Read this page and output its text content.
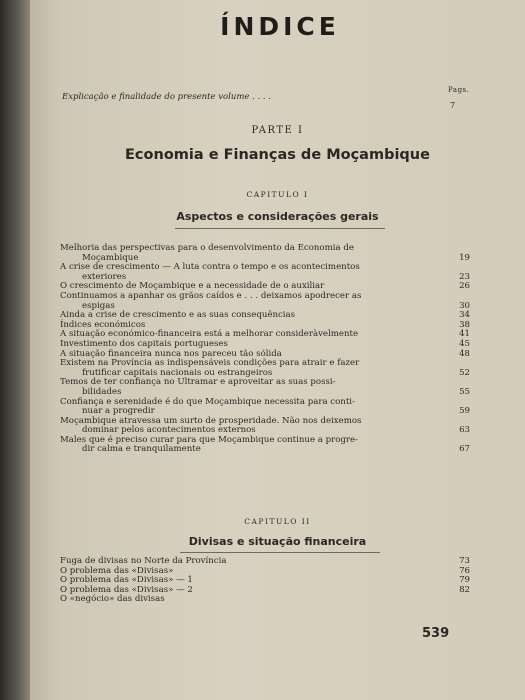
ÍNDICE
Pags.
Explicação e finalidade do presente volume . . . .
7
PARTE I
Economia e Finanças de Moçambique
CAPITULO I
Aspectos e considerações gerais
Melhoria das perspectivas para o desenvolvimento da Economia de
Moçambique	19
A crise de crescimento — A luta contra o tempo e os acontecimentos
exteriores	23
O crescimento de Moçambique e a necessidade de o auxiliar	26
Continuamos a apanhar os grãos caídos e . . . deixamos apodrecer as
espigas	30
Ainda a crise de crescimento e as suas consequências	34
Índices económicos	38
A situação económico-financeira está a melhorar consideràvelmente	41
Investimento dos capitais portugueses	45
A situação financeira nunca nos pareceu tão sólida	48
Existem na Província as indispensáveis condições para atrair e fazer
frutificar capitais nacionais ou estrangeiros	52
Temos de ter confiança no Ultramar e aproveitar as suas possi-
bilidades	55
Confiança e serenidade é do que Moçambique necessita para conti-
nuar a progredir	59
Moçambique atravessa um surto de prosperidade. Não nos deixemos
dominar pelos acontecimentos externos	63
Males que é preciso curar para que Moçambique continue a progre-
dir calma e tranquilamente	67
CAPITULO II
Divisas e situação financeira
Fuga de divisas no Norte da Província	73
O problema das «Divisas»	76
O problema das «Divisas» — 1	79
O problema das «Divisas» — 2	82
O «negócio» das divisas
539
